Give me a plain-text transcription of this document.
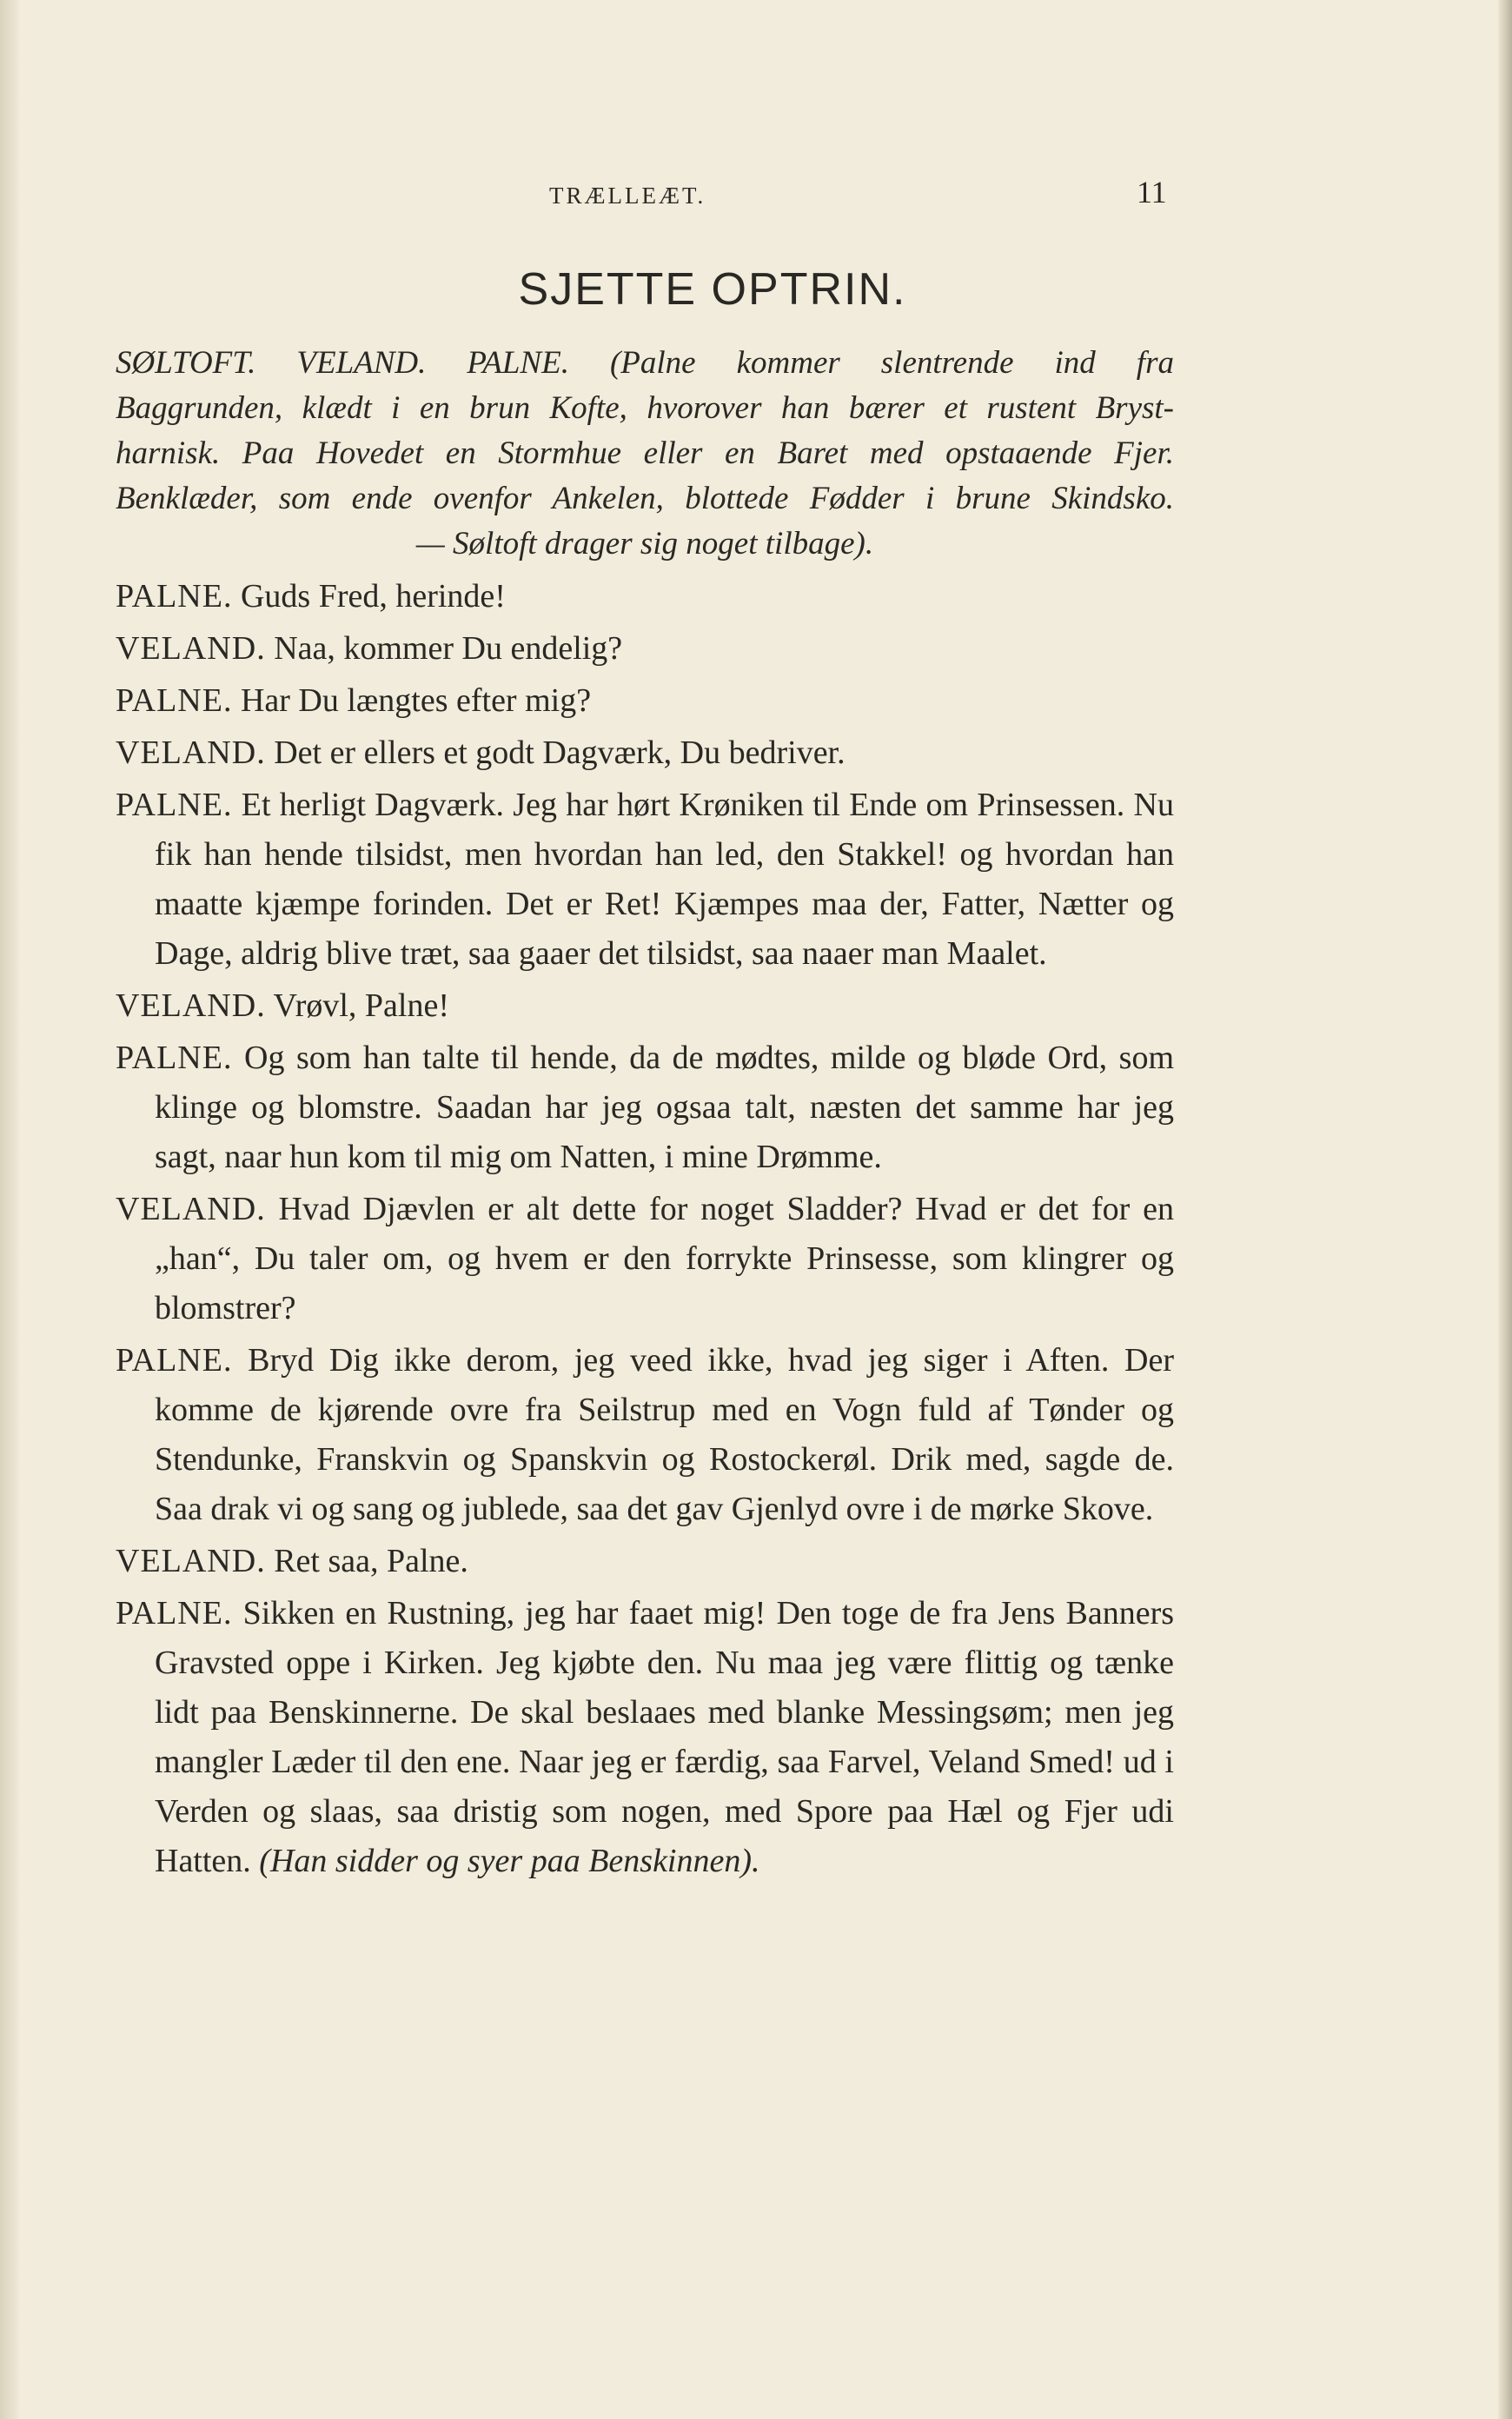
TRÆLLEÆT.	11
SJETTE OPTRIN.
SØLTOFT. VELAND. PALNE. (Palne kommer slentrende ind fra
Baggrunden, klædt i en brun Kofte, hvorover han bærer et rustent Bryst-
harnisk. Paa Hovedet en Stormhue eller en Baret med opstaaende Fjer.
Benklæder, som ende ovenfor Ankelen, blottede Fødder i brune Skindsko.
— Søltoft drager sig noget tilbage).

PALNE. Guds Fred, herinde!

VELAND. Naa, kommer Du endelig?

PALNE. Har Du længtes efter mig?

VELAND. Det er ellers et godt Dagværk, Du bedriver.

PALNE. Et herligt Dagværk. Jeg har hørt Krøniken til Ende om Prinsessen. Nu fik han hende tilsidst, men hvordan han led, den Stakkel! og hvordan han maatte kjæmpe forinden. Det er Ret! Kjæmpes maa der, Fatter, Nætter og Dage, aldrig blive træt, saa gaaer det tilsidst, saa naaer man Maalet.

VELAND. Vrøvl, Palne!

PALNE. Og som han talte til hende, da de mødtes, milde og bløde Ord, som klinge og blomstre. Saadan har jeg ogsaa talt, næsten det samme har jeg sagt, naar hun kom til mig om Natten, i mine Drømme.

VELAND. Hvad Djævlen er alt dette for noget Sladder? Hvad er det for en „han“, Du taler om, og hvem er den forrykte Prinsesse, som klingrer og blomstrer?

PALNE. Bryd Dig ikke derom, jeg veed ikke, hvad jeg siger i Aften. Der komme de kjørende ovre fra Seilstrup med en Vogn fuld af Tønder og Stendunke, Franskvin og Spanskvin og Rostockerøl. Drik med, sagde de. Saa drak vi og sang og jublede, saa det gav Gjenlyd ovre i de mørke Skove.

VELAND. Ret saa, Palne.

PALNE. Sikken en Rustning, jeg har faaet mig! Den toge de fra Jens Banners Gravsted oppe i Kirken. Jeg kjøbte den. Nu maa jeg være flittig og tænke lidt paa Benskinnerne. De skal beslaaes med blanke Messingsøm; men jeg mangler Læder til den ene. Naar jeg er færdig, saa Farvel, Veland Smed! ud i Verden og slaas, saa dristig som nogen, med Spore paa Hæl og Fjer udi Hatten. (Han sidder og syer paa Benskinnen).
